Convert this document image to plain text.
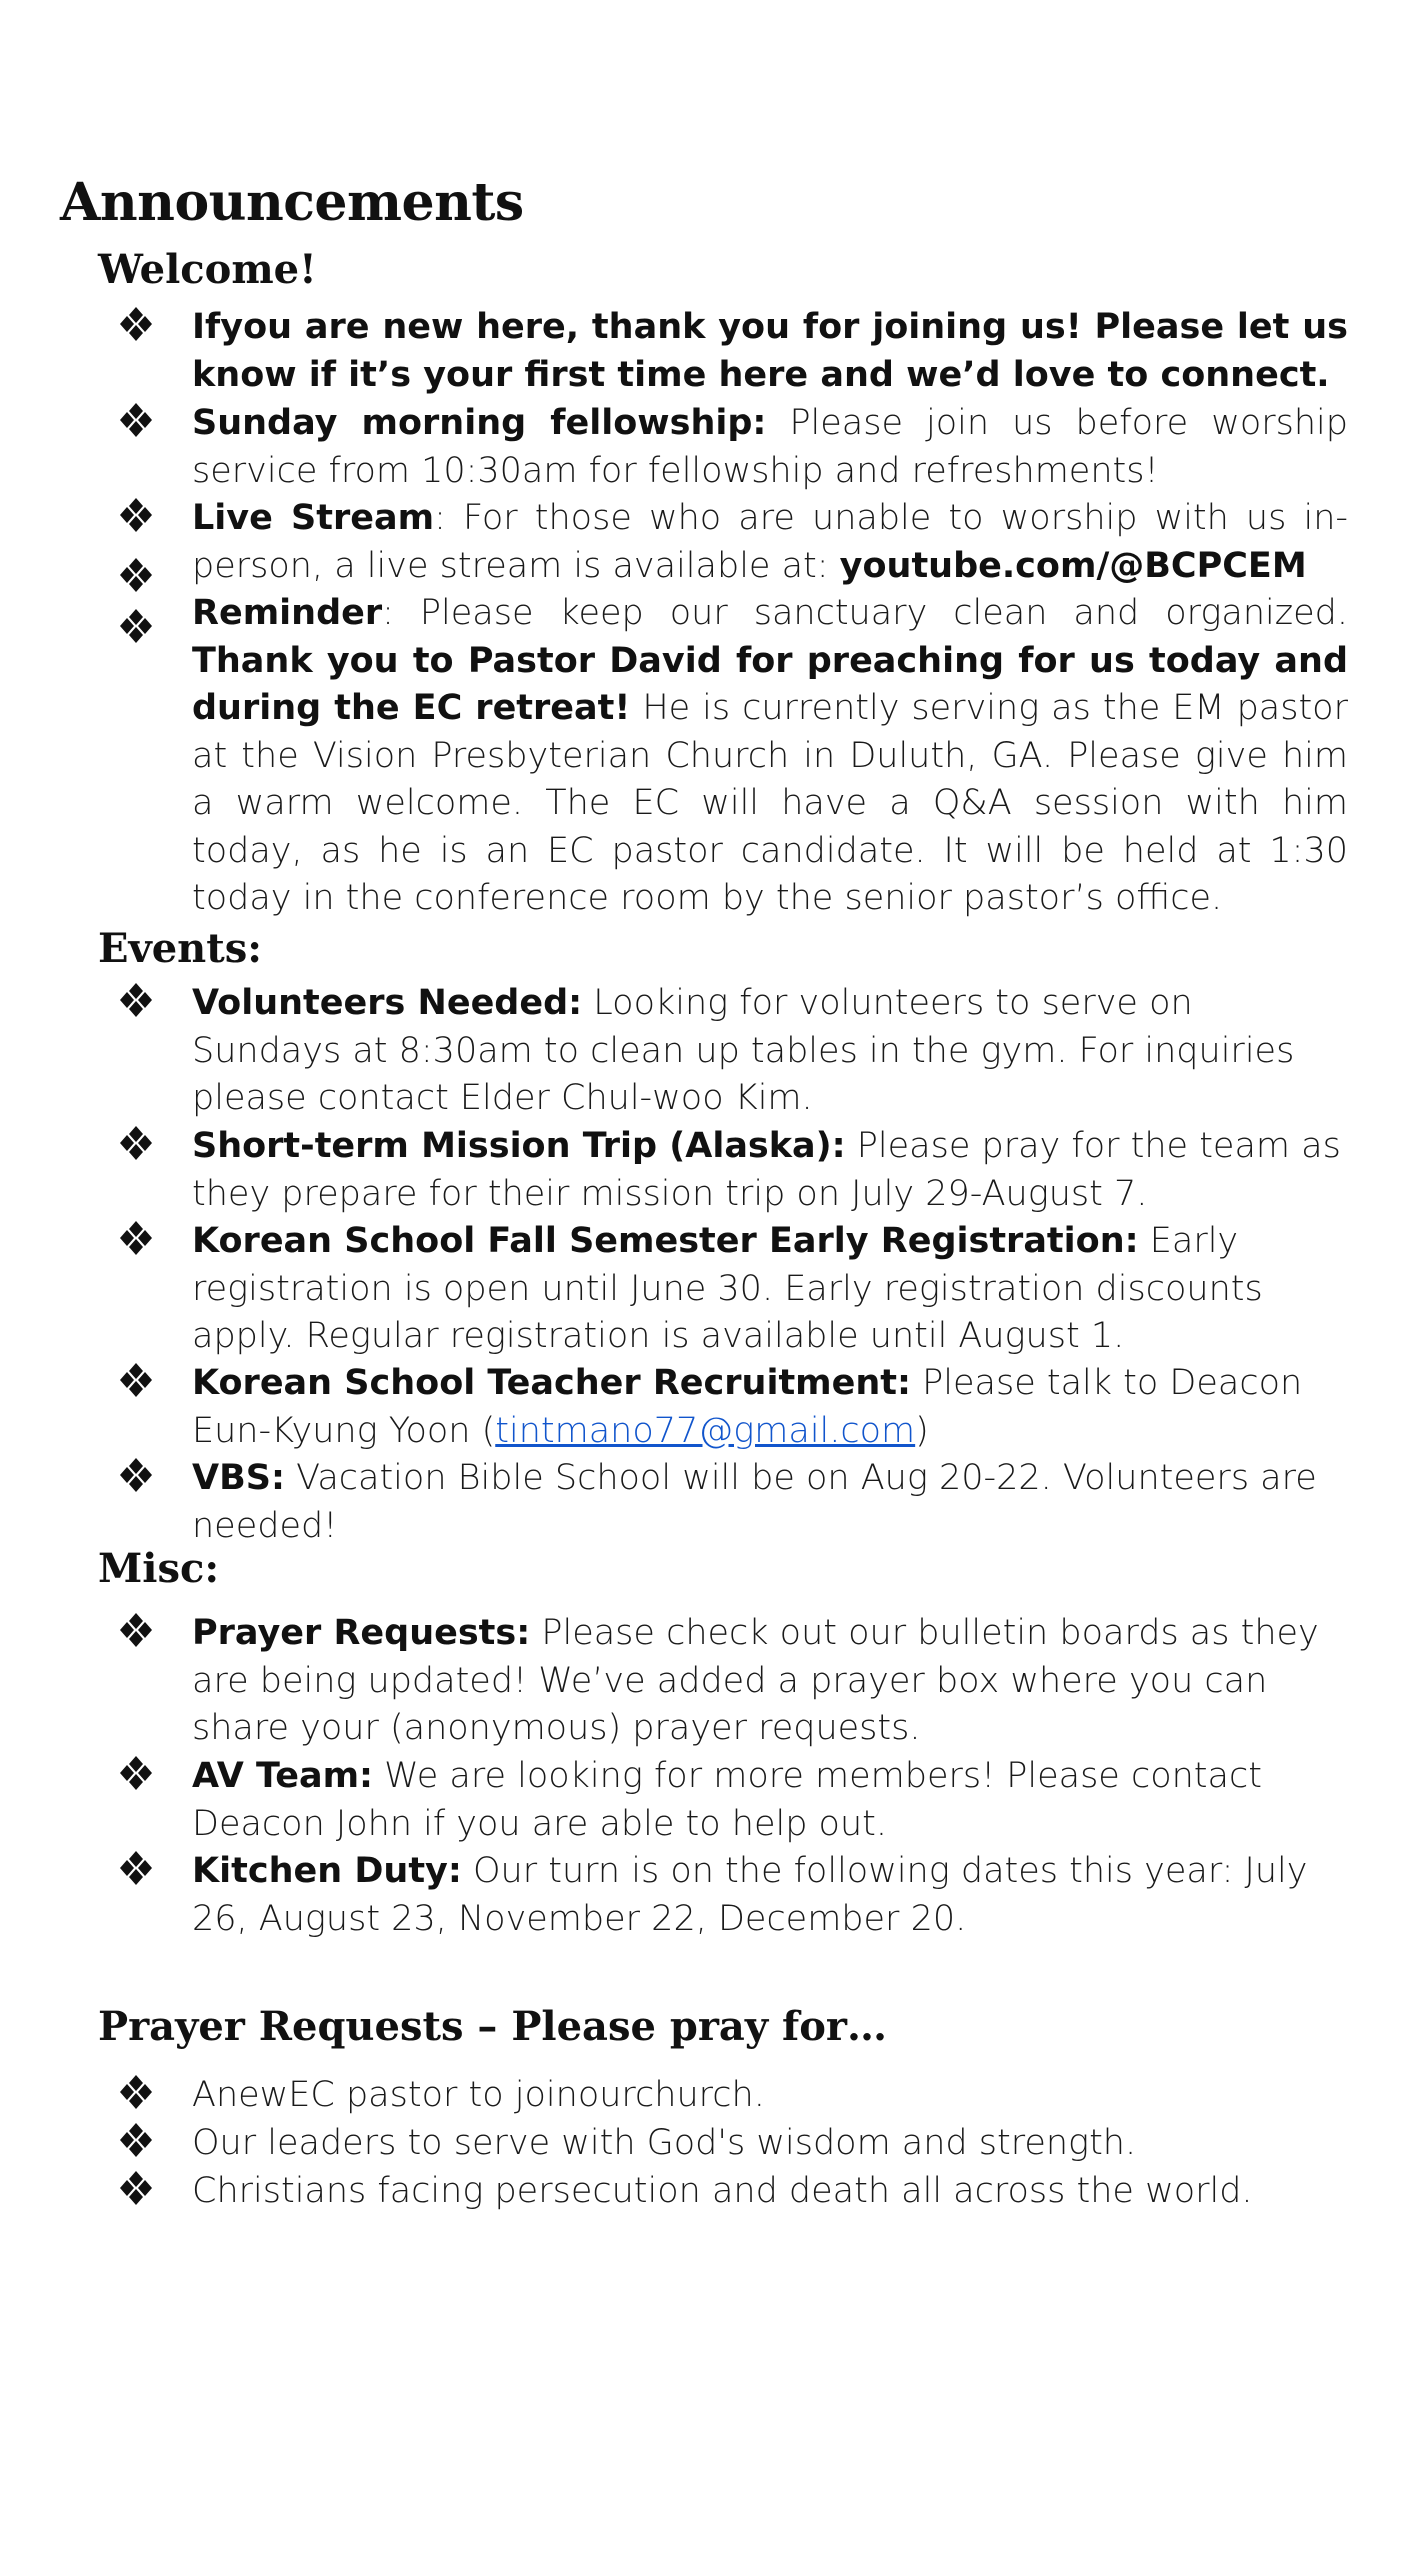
Announcements
Welcome!
Ifyou are new here, thank you for joining us! Please let us know if it’s your first time here and we’d love to connect.
Sunday morning fellowship: Please join us before worship service from 10:30am for fellowship and refreshments!
Live Stream: For those who are unable to worship with us in-person, a live stream is available at: youtube.com/@BCPCEM
Reminder: Please keep our sanctuary clean and organized. Thank you to Pastor David for preaching for us today and during the EC retreat! He is currently serving as the EM pastor at the Vision Presbyterian Church in Duluth, GA. Please give him a warm welcome. The EC will have a Q&A session with him today, as he is an EC pastor candidate. It will be held at 1:30 today in the conference room by the senior pastor’s office.
Events:
Volunteers Needed: Looking for volunteers to serve on Sundays at 8:30am to clean up tables in the gym. For inquiries please contact Elder Chul-woo Kim.
Short-term Mission Trip (Alaska): Please pray for the team as they prepare for their mission trip on July 29-August 7.
Korean School Fall Semester Early Registration: Early registration is open until June 30. Early registration discounts apply. Regular registration is available until August 1.
Korean School Teacher Recruitment: Please talk to Deacon Eun-Kyung Yoon (tintmano77@gmail.com)
VBS: Vacation Bible School will be on Aug 20-22. Volunteers are needed!
Misc:
Prayer Requests: Please check out our bulletin boards as they are being updated! We’ve added a prayer box where you can share your (anonymous) prayer requests.
AV Team: We are looking for more members! Please contact Deacon John if you are able to help out.
Kitchen Duty: Our turn is on the following dates this year: July 26, August 23, November 22, December 20.
Prayer Requests – Please pray for…
AnewEC pastor to joinourchurch.
Our leaders to serve with God's wisdom and strength.
Christians facing persecution and death all across the world.
